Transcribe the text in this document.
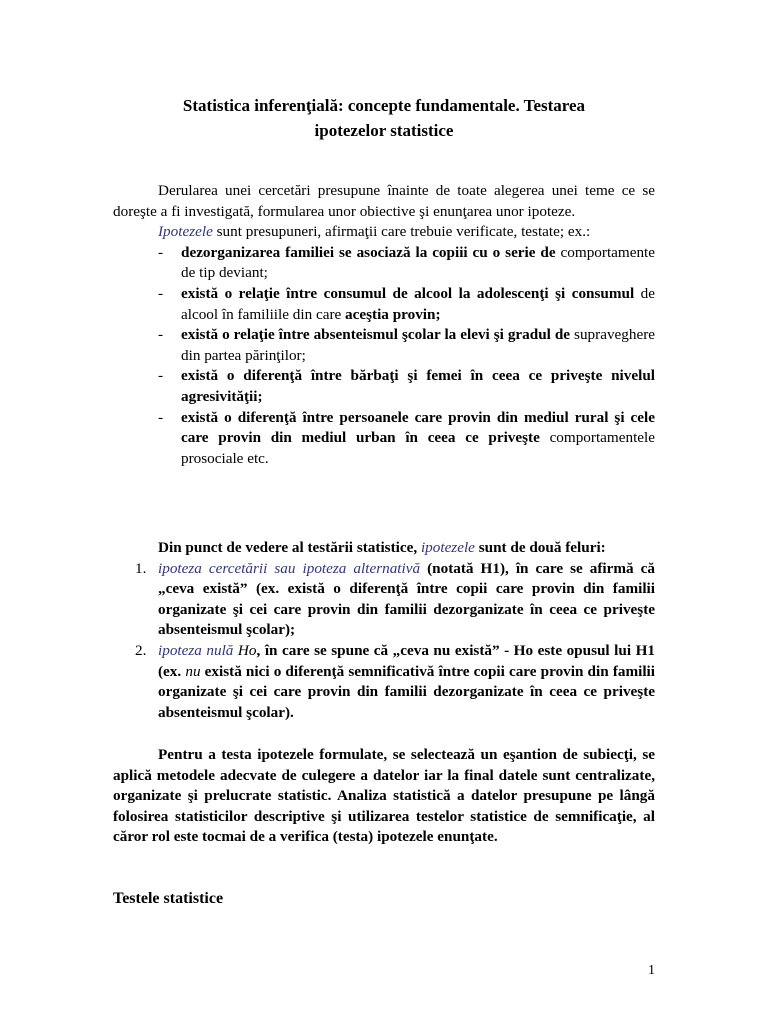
Statistica inferenţială: concepte fundamentale. Testarea
ipotezelor statistice
Derularea unei cercetări presupune înainte de toate alegerea unei teme ce se doreşte a fi investigată, formularea unor obiective şi enunţarea unor ipoteze.
Ipotezele sunt presupuneri, afirmaţii care trebuie verificate, testate; ex.:
- dezorganizarea familiei se asociază la copiii cu o serie de comportamente de tip deviant;
- există o relaţie între consumul de alcool la adolescenţi şi consumul de alcool în familiile din care aceştia provin;
- există o relaţie între absenteismul şcolar la elevi şi gradul de supraveghere din partea părinţilor;
- există o diferenţă între bărbaţi şi femei în ceea ce priveşte nivelul agresivităţii;
- există o diferenţă între persoanele care provin din mediul rural şi cele care provin din mediul urban în ceea ce priveşte comportamentele prosociale etc.
Din punct de vedere al testării statistice, ipotezele sunt de două feluri:
1. ipoteza cercetării sau ipoteza alternativă (notată H1), în care se afirmă că „ceva există” (ex. există o diferenţă între copii care provin din familii organizate şi cei care provin din familii dezorganizate în ceea ce priveşte absenteismul şcolar);
2. ipoteza nulă Ho, în care se spune că „ceva nu există” - Ho este opusul lui H1 (ex. nu există nici o diferenţă semnificativă între copii care provin din familii organizate şi cei care provin din familii dezorganizate în ceea ce priveşte absenteismul şcolar).
Pentru a testa ipotezele formulate, se selectează un eşantion de subiecţi, se aplică metodele adecvate de culegere a datelor iar la final datele sunt centralizate, organizate şi prelucrate statistic. Analiza statistică a datelor presupune pe lângă folosirea statisticilor descriptive şi utilizarea testelor statistice de semnificaţie, al căror rol este tocmai de a verifica (testa) ipotezele enunţate.
Testele statistice
1
